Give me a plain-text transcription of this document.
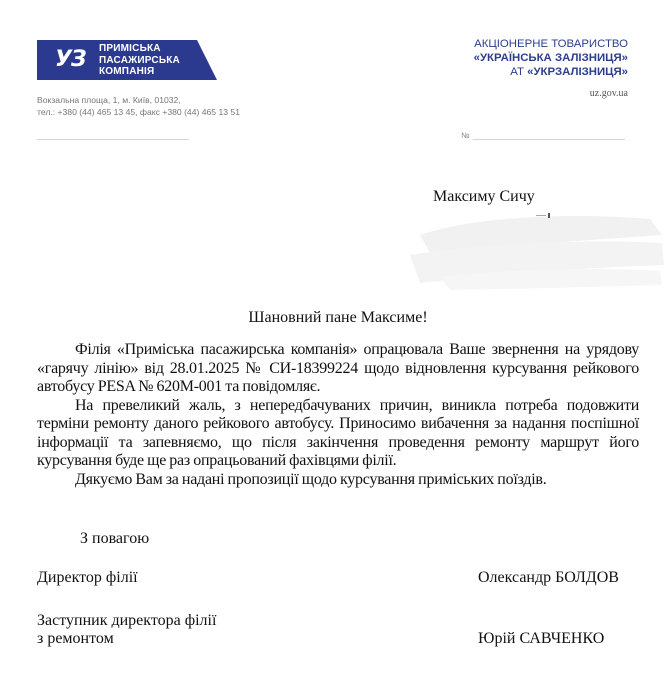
УЗ ПРИМІСЬКА
ПАСАЖИРСЬКА
КОМПАНІЯ
Вокзальна площа, 1, м. Київ, 01032,
тел.: +380 (44) 465 13 45, факс +380 (44) 465 13 51
АКЦІОНЕРНЕ ТОВАРИСТВО
«УКРАЇНСЬКА ЗАЛІЗНИЦЯ»
АТ «УКРЗАЛІЗНИЦЯ»
uz.gov.ua
№
Максиму Сичу
Шановний пане Максиме!

Філія «Приміська пасажирська компанія» опрацювала Ваше звернення на урядову «гарячу лінію» від 28.01.2025 № СИ-18399224 щодо відновлення курсування рейкового автобусу PESA № 620М-001 та повідомляє.

На превеликий жаль, з непередбачуваних причин, виникла потреба подовжити терміни ремонту даного рейкового автобусу. Приносимо вибачення за надання поспішної інформації та запевняємо, що після закінчення проведення ремонту маршрут його курсування буде ще раз опрацьований фахівцями філії.

Дякуємо Вам за надані пропозиції щодо курсування приміських поїздів.

З повагою
Директор філії	Олександр БОЛДОВ
Заступник директора філії
з ремонтом	Юрій САВЧЕНКО
